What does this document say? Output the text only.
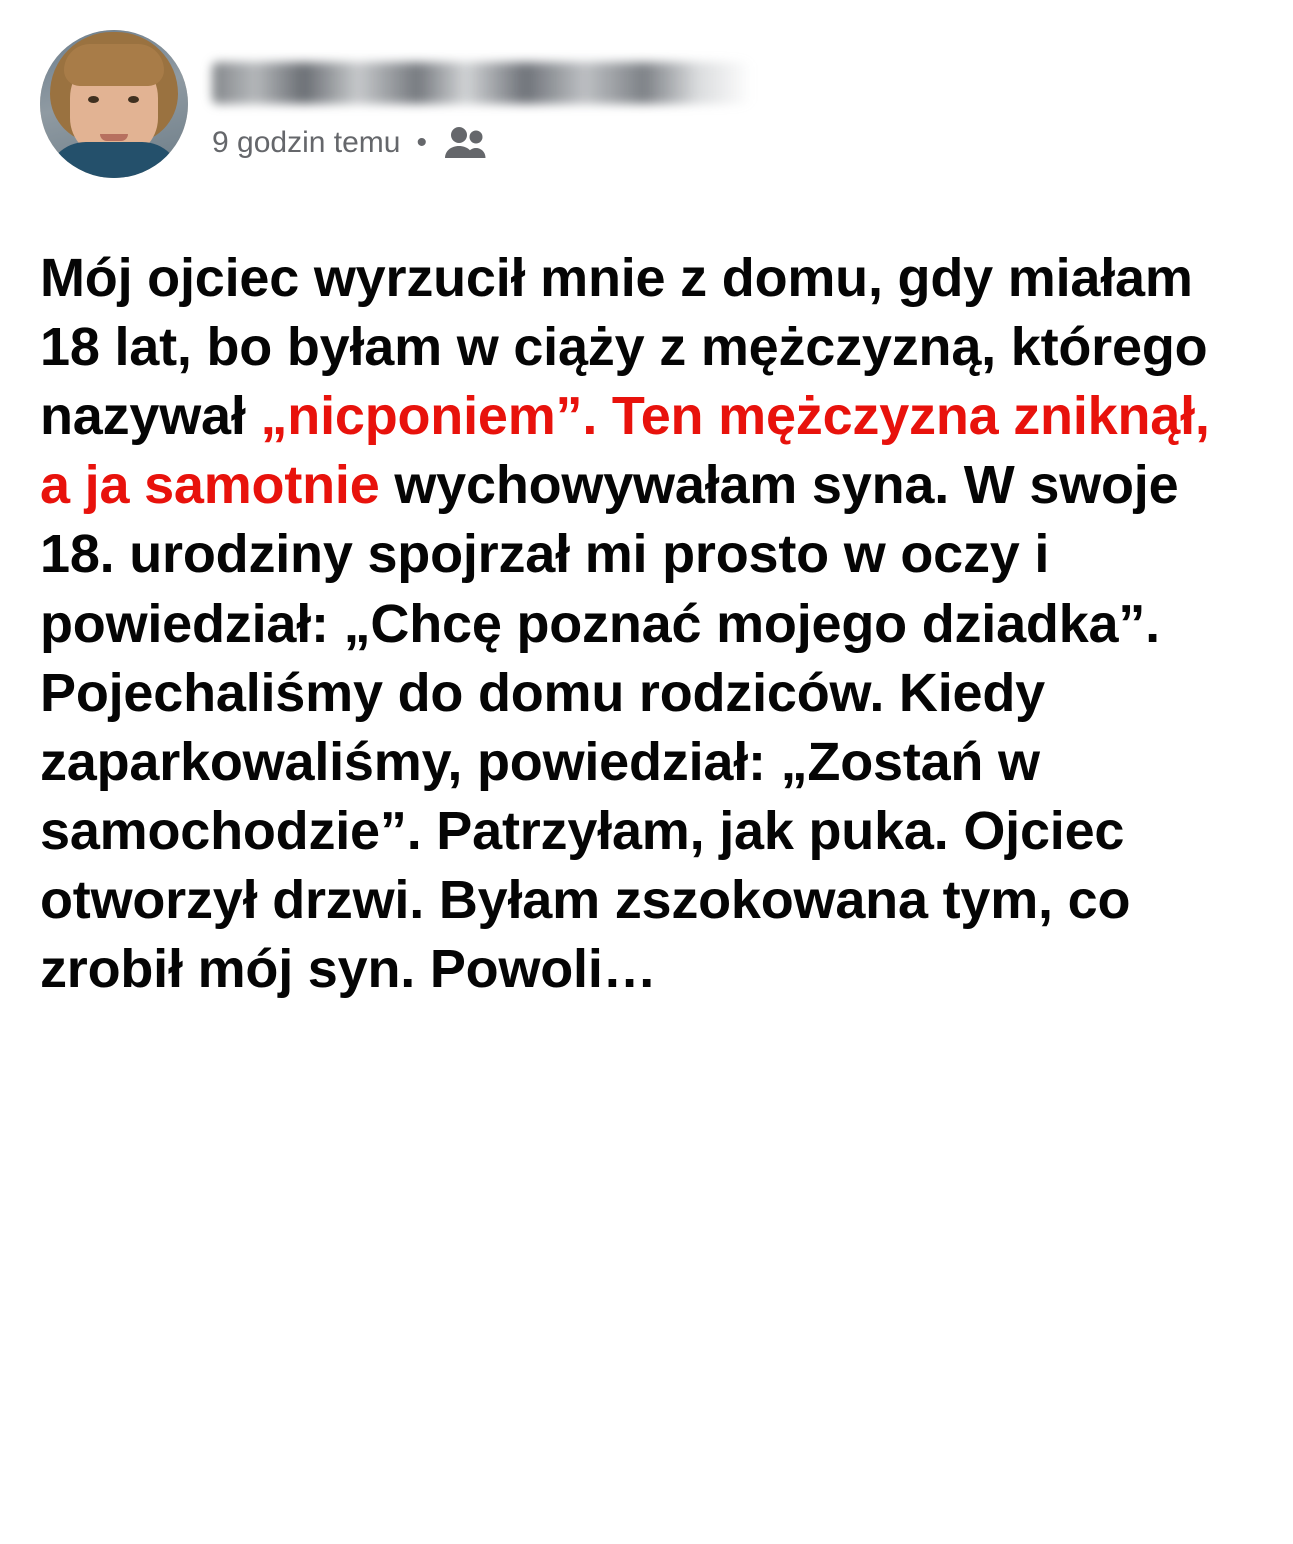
9 godzin temu •
Mój ojciec wyrzucił mnie z domu, gdy miałam 18 lat, bo byłam w ciąży z mężczyzną, którego nazywał „nicponiem”. Ten mężczyzna zniknął, a ja samotnie wychowywałam syna. W swoje 18. urodziny spojrzał mi prosto w oczy i powiedział: „Chcę poznać mojego dziadka”. Pojechaliśmy do domu rodziców. Kiedy zaparkowaliśmy, powiedział: „Zostań w samochodzie”. Patrzyłam, jak puka. Ojciec otworzył drzwi. Byłam zszokowana tym, co zrobił mój syn. Powoli…
